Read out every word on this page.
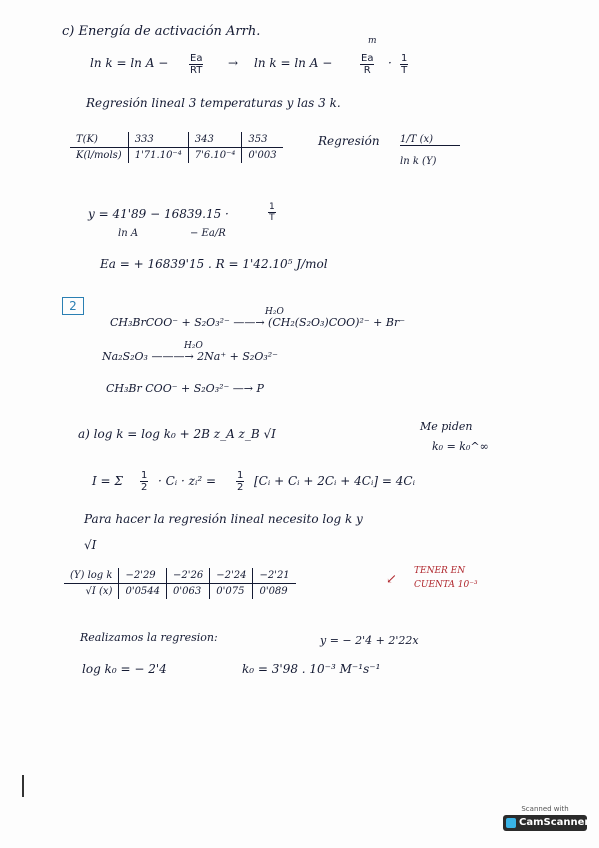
c) Energía de activación Arrh.
$\ln k = \ln A - \frac{Ea}{RT} \to \ln k = \ln A$ −
m
$\frac{Ea}{R} \cdot \frac{1}{T}$
Regresión lineal 3 temperaturas y las 3 k.
T(K)	333	343	353
K(l/mols)	1'71.10⁻⁴	7'6.10⁻⁴	0'003
Regresión 1/T (x)
ln k (Y)
y = 41'89 − 16839.15 ·	$\frac{1}{T}$
ln A	− Ea/R
Ea = + 16839'15 . R = 1'42.10⁵ J/mol
2	H₂O
CH₃BrCOO⁻ + S₂O₃²⁻ ——→ (CH₂(S₂O₃)COO)²⁻ + Br⁻
H₂O
Na₂S₂O₃ ———→ 2Na⁺ + S₂O₃²⁻
CH₃Br COO⁻ + S₂O₃²⁻ —→ P
a) log k = log k₀ + 2B z_A z_B √I
Me piden
k₀ = k₀^∞
I = Σ $\frac{1}{2}$ · Cᵢ · zᵢ² = $\frac{1}{2}$ [Cᵢ + Cᵢ + 2Cᵢ + 4Cᵢ] = 4Cᵢ
Para hacer la regresión lineal necesito log k y
√I
(Y) log k	−2'29	−2'26	−2'24	−2'21
√I (x)	0'0544	0'063	0'075	0'089
↙
TENER EN
CUENTA 10⁻³
Realizamos la regresion:	y = − 2'4 + 2'22x
log k₀ = − 2'4	k₀ = 3'98 . 10⁻³ M⁻¹s⁻¹
Scanned with
CamScanner
